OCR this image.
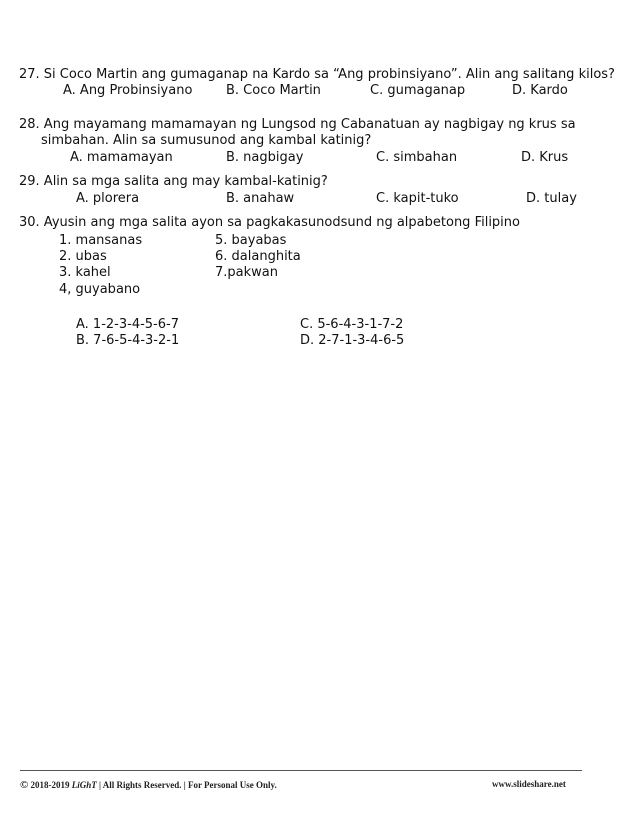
27. Si Coco Martin ang gumaganap na Kardo sa “Ang probinsiyano”. Alin ang salitang kilos?
A. Ang Probinsiyano	B. Coco Martin	C. gumaganap	D. Kardo
28. Ang mayamang mamamayan ng Lungsod ng Cabanatuan ay nagbigay ng krus sa
simbahan. Alin sa sumusunod ang kambal katinig?
A. mamamayan	B. nagbigay	C. simbahan	D. Krus
29. Alin sa mga salita ang may kambal-katinig?
A. plorera	B. anahaw	C. kapit-tuko	D. tulay
30. Ayusin ang mga salita ayon sa pagkakasunodsund ng alpabetong Filipino
1. mansanas
2. ubas
3. kahel
4, guyabano
5. bayabas
6. dalanghita
7.pakwan
A. 1-2-3-4-5-6-7
B. 7-6-5-4-3-2-1
C. 5-6-4-3-1-7-2
D. 2-7-1-3-4-6-5
© 2018-2019 LiGhT | All Rights Reserved. | For Personal Use Only.	www.slideshare.net
